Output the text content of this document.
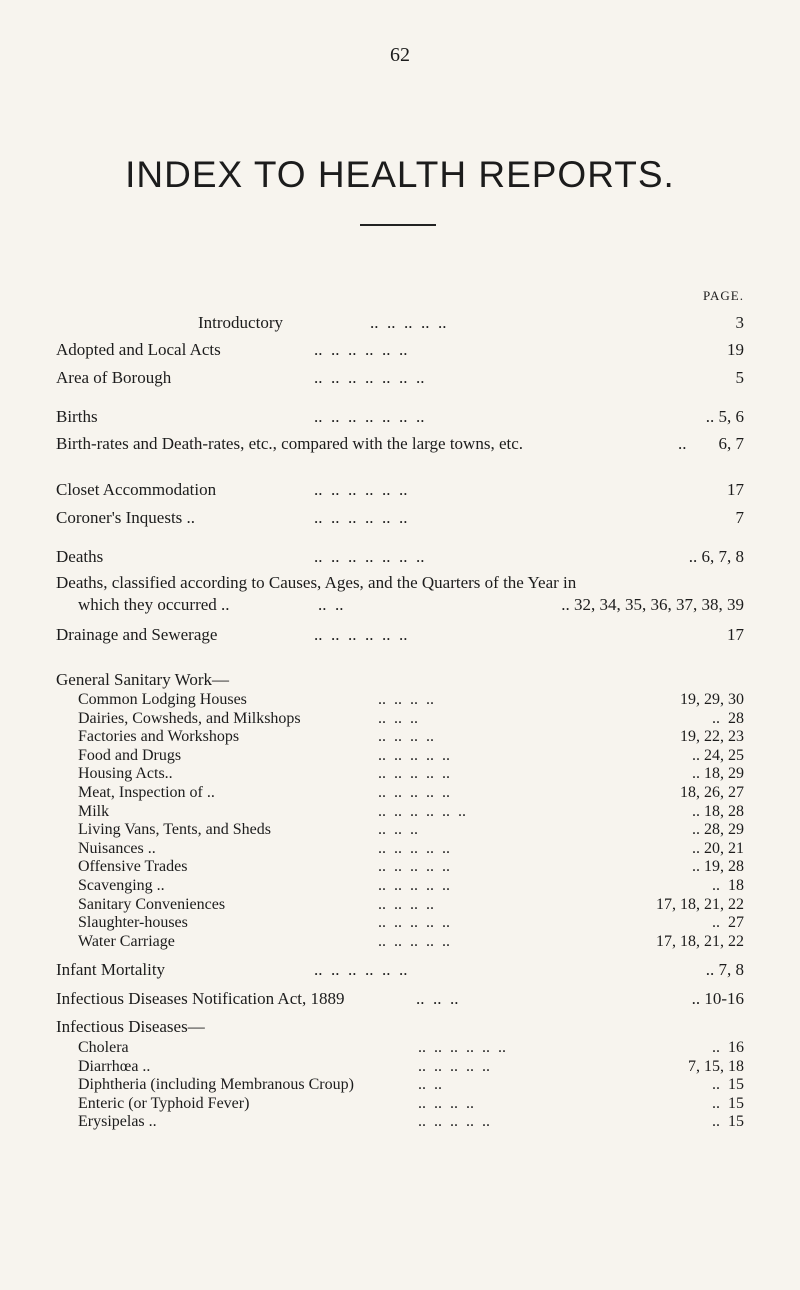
62
INDEX TO HEALTH REPORTS.
PAGE.
Introductory	..  ..  ..  ..  ..	3
Adopted and Local Acts	..  ..  ..  ..  ..  ..	19
Area of Borough	..  ..  ..  ..  ..  ..  ..	5
Births	..  ..  ..  ..  ..  ..  ..	.. 5, 6
Birth-rates and Death-rates, etc., compared with the large towns, etc.	.. 6, 7
Closet Accommodation	..  ..  ..  ..  ..  ..	17
Coroner's Inquests ..	..  ..  ..  ..  ..  ..	7
Deaths	..  ..  ..  ..  ..  ..  ..	.. 6, 7, 8
Deaths, classified according to Causes, Ages, and the Quarters of the Year in
which they occurred ..	..  ..	.. 32, 34, 35, 36, 37, 38, 39
Drainage and Sewerage	..  ..  ..  ..  ..  ..	17
General Sanitary Work—
Common Lodging Houses	..  ..  ..  ..	19, 29, 30
Dairies, Cowsheds, and Milkshops	..  ..  ..	..  28
Factories and Workshops	..  ..  ..  ..	19, 22, 23
Food and Drugs	..  ..  ..  ..  ..	.. 24, 25
Housing Acts..	..  ..  ..  ..  ..	.. 18, 29
Meat, Inspection of ..	..  ..  ..  ..  ..	18, 26, 27
Milk	..  ..  ..  ..  ..  ..	.. 18, 28
Living Vans, Tents, and Sheds	..  ..  ..	.. 28, 29
Nuisances ..	..  ..  ..  ..  ..	.. 20, 21
Offensive Trades	..  ..  ..  ..  ..	.. 19, 28
Scavenging ..	..  ..  ..  ..  ..	..  18
Sanitary Conveniences	..  ..  ..  ..	17, 18, 21, 22
Slaughter-houses	..  ..  ..  ..  ..	..  27
Water Carriage	..  ..  ..  ..  ..	17, 18, 21, 22
Infant Mortality	..  ..  ..  ..  ..  ..	.. 7, 8
Infectious Diseases Notification Act, 1889	..  ..  ..	.. 10-16
Infectious Diseases—
Cholera	..  ..  ..  ..  ..  ..	..  16
Diarrhœa ..	..  ..  ..  ..  ..	7, 15, 18
Diphtheria (including Membranous Croup)	..  ..	..  15
Enteric (or Typhoid Fever)	..  ..  ..  ..	..  15
Erysipelas ..	..  ..  ..  ..  ..	..  15
